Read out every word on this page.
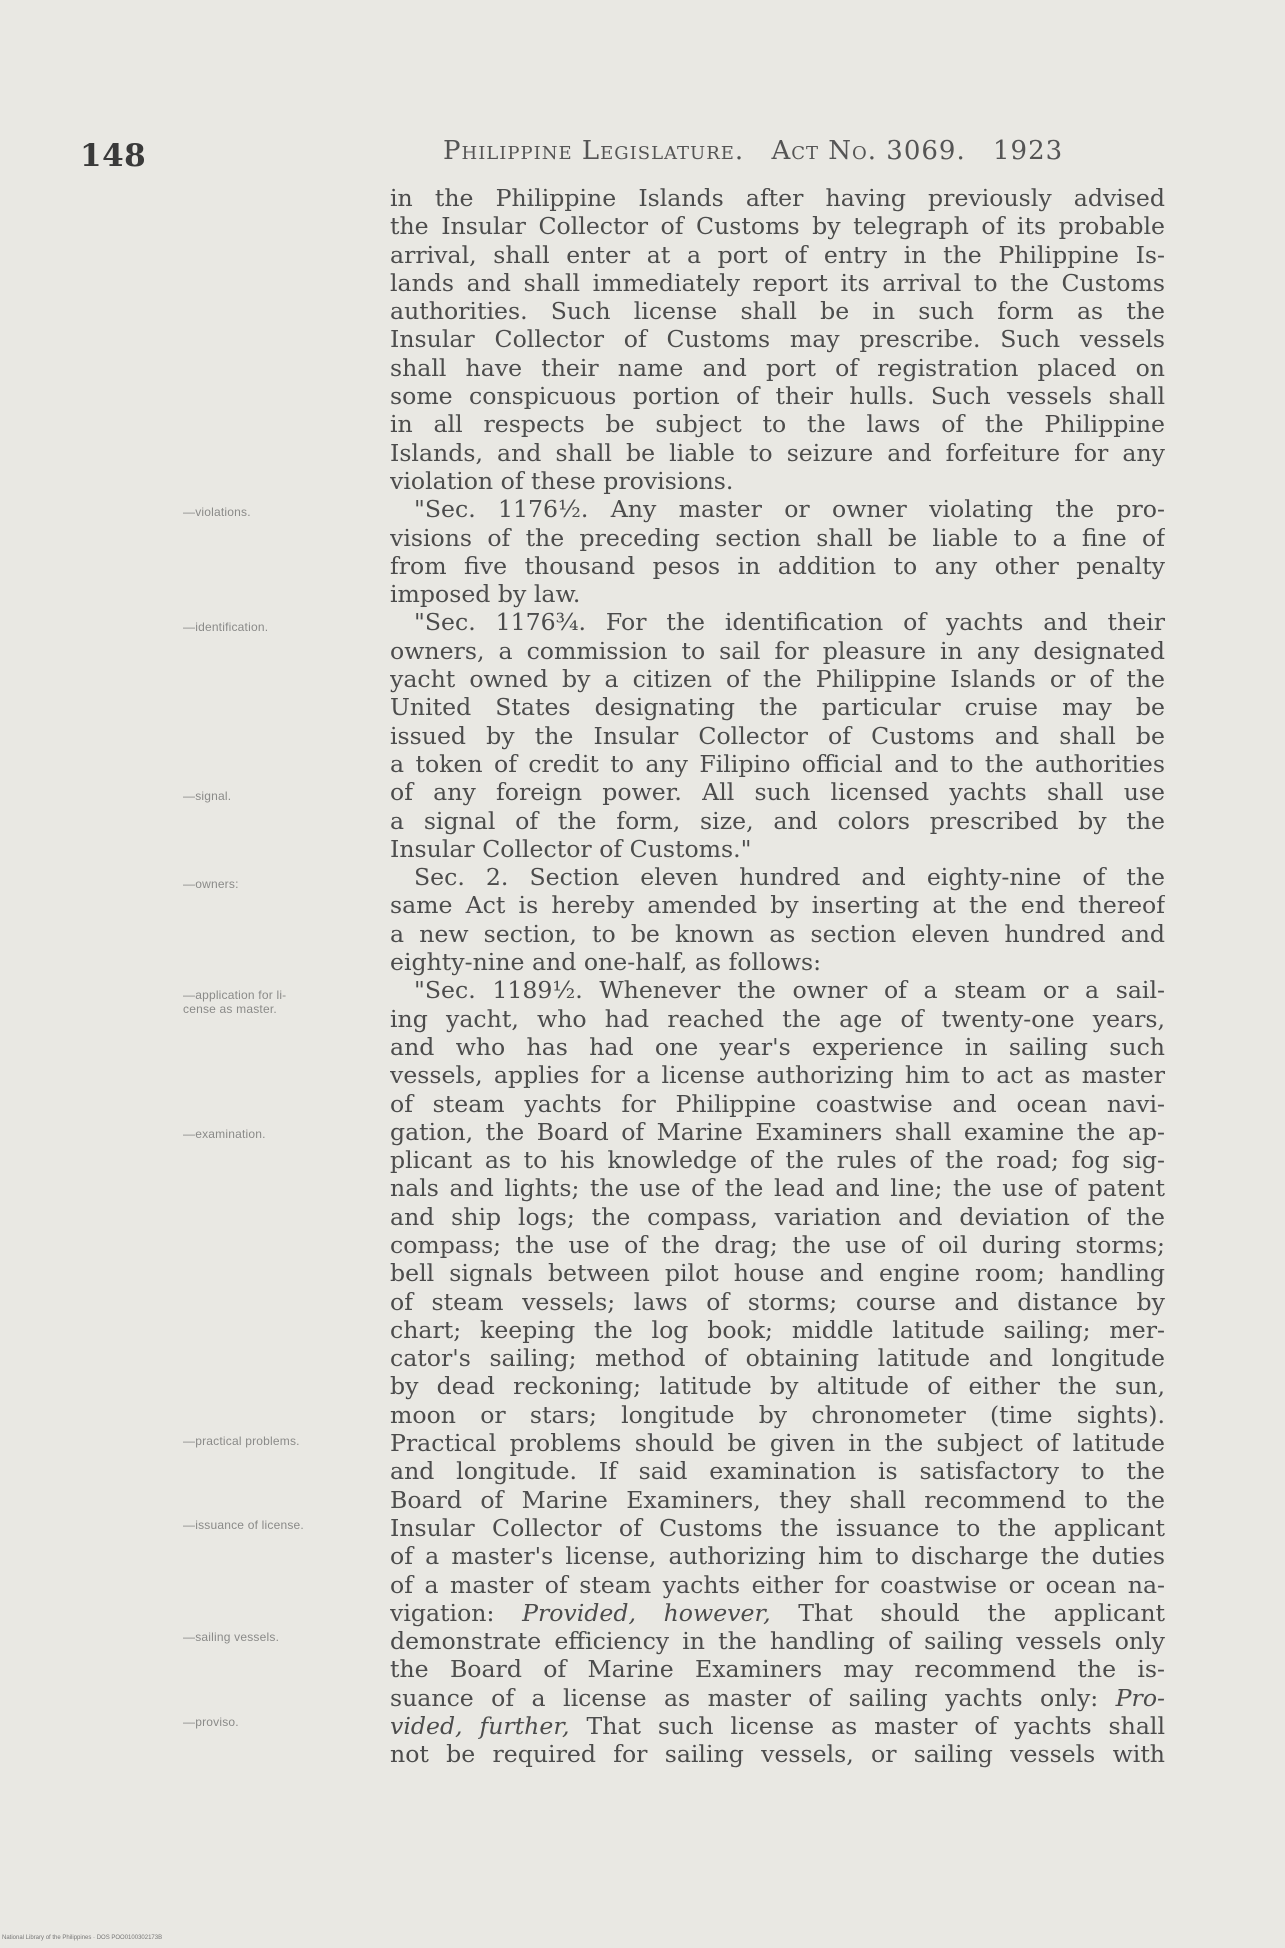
148	Philippine Legislature. Act No. 3069. 1923
—violations.
—identification.
—signal.
—owners:
—application for li-
cense as master.
—examination.
—practical problems.
—issuance of license.
—sailing vessels.
—proviso.
in the Philippine Islands after having previously advised
the Insular Collector of Customs by telegraph of its probable
arrival, shall enter at a port of entry in the Philippine Is-
lands and shall immediately report its arrival to the Customs
authorities. Such license shall be in such form as the
Insular Collector of Customs may prescribe. Such vessels
shall have their name and port of registration placed on
some conspicuous portion of their hulls. Such vessels shall
in all respects be subject to the laws of the Philippine
Islands, and shall be liable to seizure and forfeiture for any
violation of these provisions.
"Sec. 1176½. Any master or owner violating the pro-
visions of the preceding section shall be liable to a fine of
from five thousand pesos in addition to any other penalty
imposed by law.
"Sec. 1176¾. For the identification of yachts and their
owners, a commission to sail for pleasure in any designated
yacht owned by a citizen of the Philippine Islands or of the
United States designating the particular cruise may be
issued by the Insular Collector of Customs and shall be
a token of credit to any Filipino official and to the authorities
of any foreign power. All such licensed yachts shall use
a signal of the form, size, and colors prescribed by the
Insular Collector of Customs."
Sec. 2. Section eleven hundred and eighty-nine of the
same Act is hereby amended by inserting at the end thereof
a new section, to be known as section eleven hundred and
eighty-nine and one-half, as follows:
"Sec. 1189½. Whenever the owner of a steam or a sail-
ing yacht, who had reached the age of twenty-one years,
and who has had one year's experience in sailing such
vessels, applies for a license authorizing him to act as master
of steam yachts for Philippine coastwise and ocean navi-
gation, the Board of Marine Examiners shall examine the ap-
plicant as to his knowledge of the rules of the road; fog sig-
nals and lights; the use of the lead and line; the use of patent
and ship logs; the compass, variation and deviation of the
compass; the use of the drag; the use of oil during storms;
bell signals between pilot house and engine room; handling
of steam vessels; laws of storms; course and distance by
chart; keeping the log book; middle latitude sailing; mer-
cator's sailing; method of obtaining latitude and longitude
by dead reckoning; latitude by altitude of either the sun,
moon or stars; longitude by chronometer (time sights).
Practical problems should be given in the subject of latitude
and longitude. If said examination is satisfactory to the
Board of Marine Examiners, they shall recommend to the
Insular Collector of Customs the issuance to the applicant
of a master's license, authorizing him to discharge the duties
of a master of steam yachts either for coastwise or ocean na-
vigation: Provided, however, That should the applicant
demonstrate efficiency in the handling of sailing vessels only
the Board of Marine Examiners may recommend the is-
suance of a license as master of sailing yachts only: Pro-
vided, further, That such license as master of yachts shall
not be required for sailing vessels, or sailing vessels with
National Library of the Philippines · DOS POO0100302173B
